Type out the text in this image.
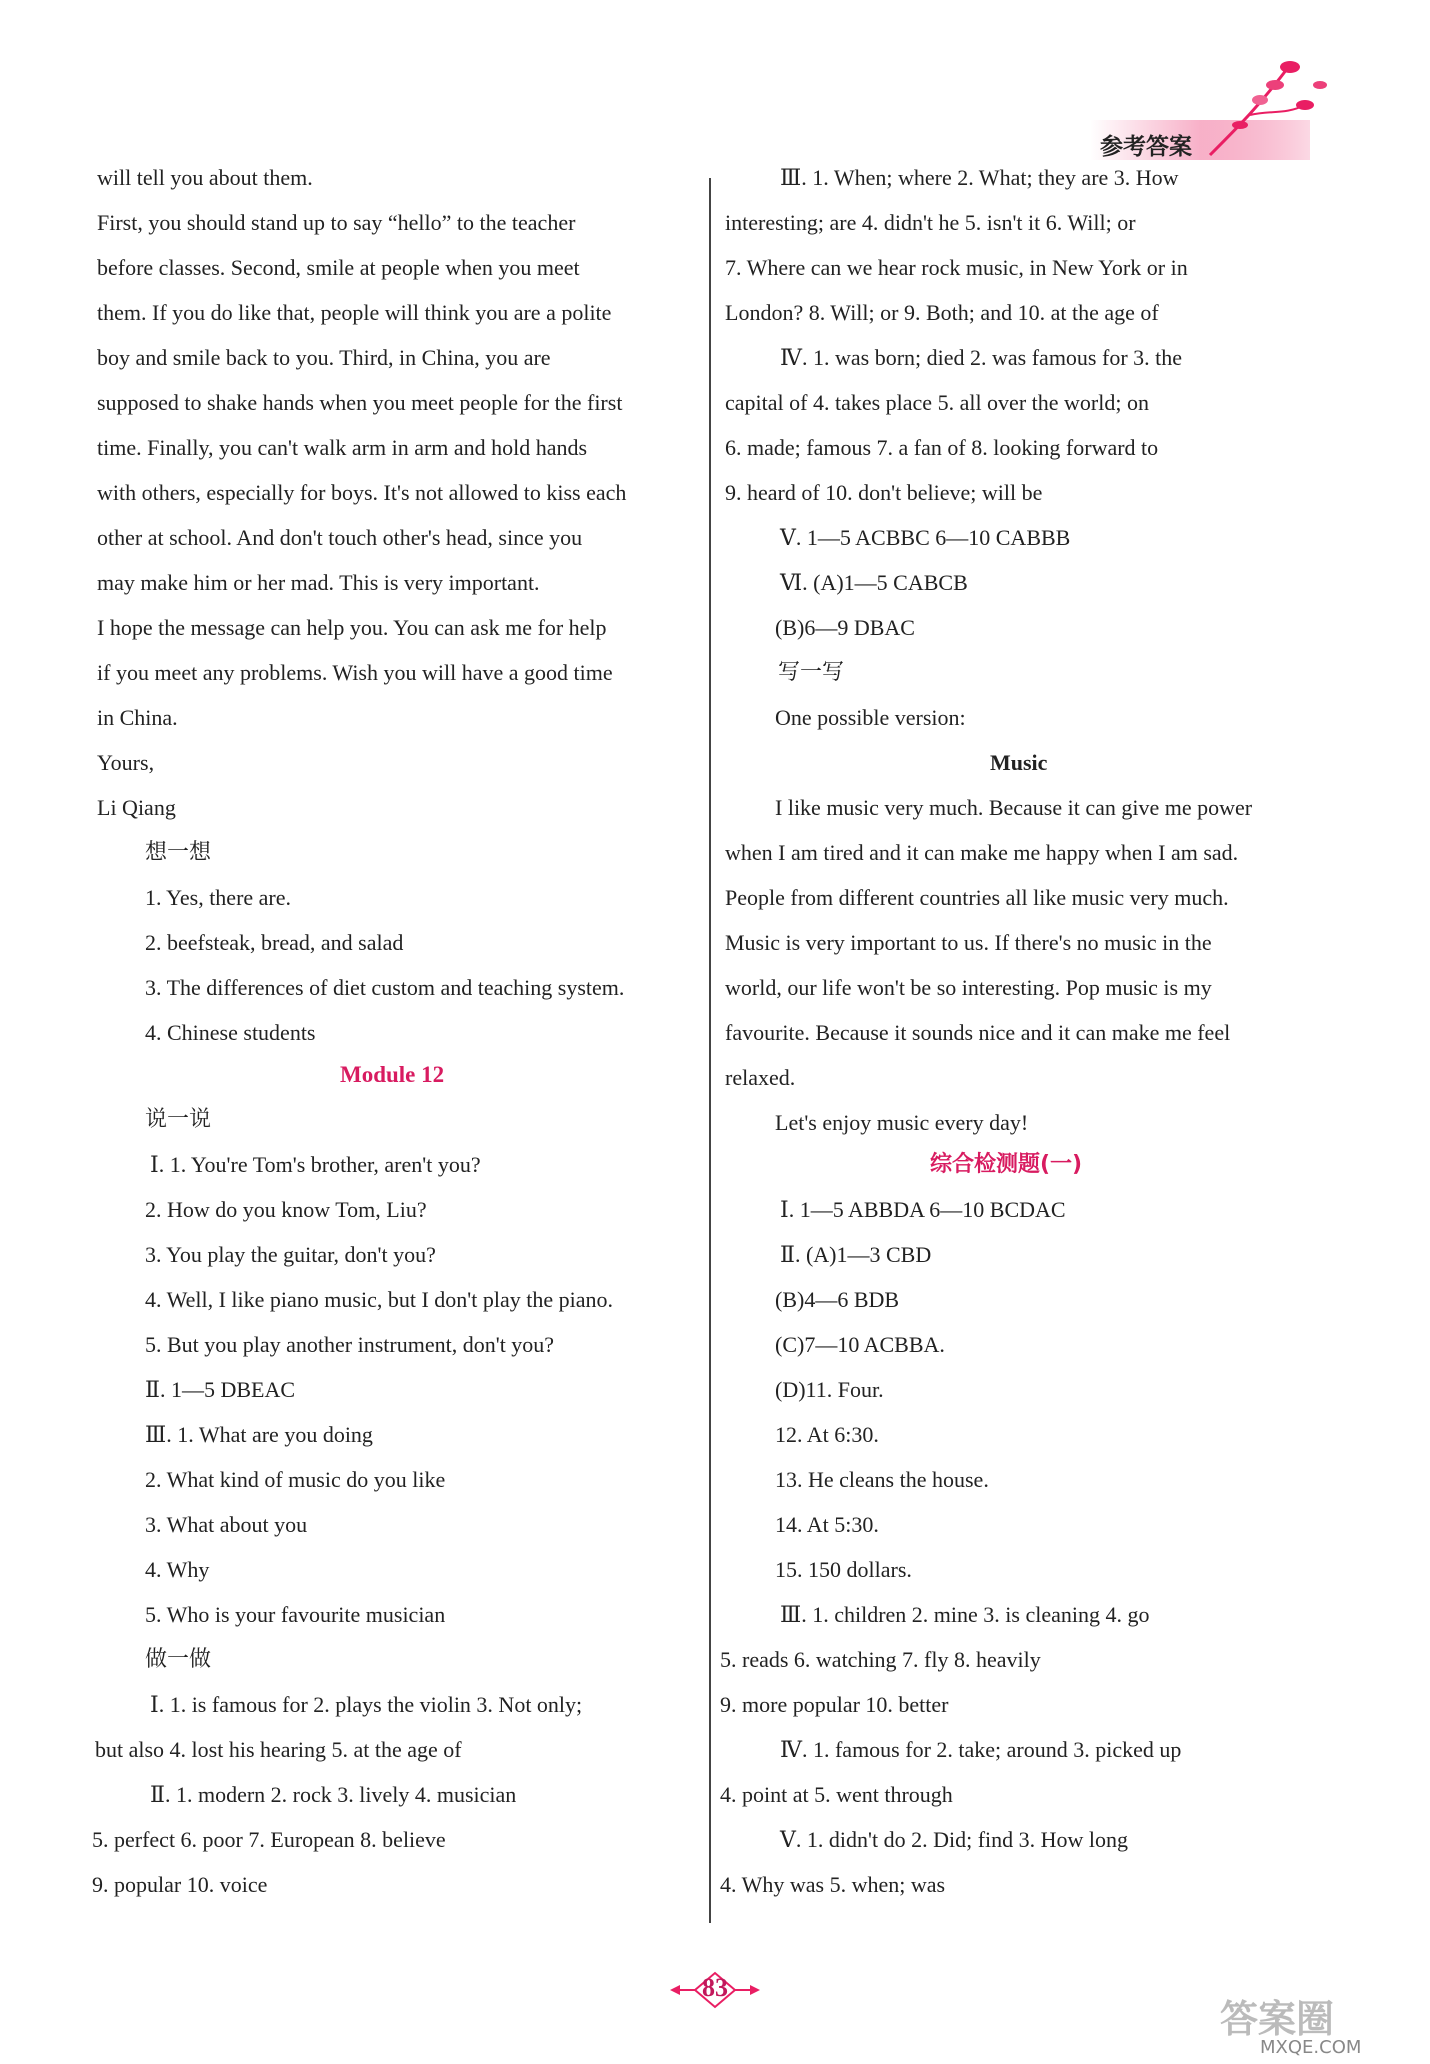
参考答案
will tell you about them.
First, you should stand up to say “hello” to the teacher
before classes. Second, smile at people when you meet
them. If you do like that, people will think you are a polite
boy and smile back to you. Third, in China, you are
supposed to shake hands when you meet people for the first
time. Finally, you can't walk arm in arm and hold hands
with others, especially for boys. It's not allowed to kiss each
other at school. And don't touch other's head, since you
may make him or her mad. This is very important.
I hope the message can help you. You can ask me for help
if you meet any problems. Wish you will have a good time
in China.
Yours,
Li Qiang
想一想
1. Yes, there are.
2. beefsteak, bread, and salad
3. The differences of diet custom and teaching system.
4. Chinese students
Module 12
说一说
Ⅰ. 1. You're Tom's brother, aren't you?
2. How do you know Tom, Liu?
3. You play the guitar, don't you?
4. Well, I like piano music, but I don't play the piano.
5. But you play another instrument, don't you?
Ⅱ. 1—5 DBEAC
Ⅲ. 1. What are you doing
2. What kind of music do you like
3. What about you
4. Why
5. Who is your favourite musician
做一做
Ⅰ. 1. is famous for 2. plays the violin 3. Not only;
but also 4. lost his hearing 5. at the age of
Ⅱ. 1. modern 2. rock 3. lively 4. musician
5. perfect 6. poor 7. European 8. believe
9. popular 10. voice
Ⅲ. 1. When; where 2. What; they are 3. How
interesting; are 4. didn't he 5. isn't it 6. Will; or
7. Where can we hear rock music, in New York or in
London? 8. Will; or 9. Both; and 10. at the age of
Ⅳ. 1. was born; died 2. was famous for 3. the
capital of 4. takes place 5. all over the world; on
6. made; famous 7. a fan of 8. looking forward to
9. heard of 10. don't believe; will be
Ⅴ. 1—5 ACBBC 6—10 CABBB
Ⅵ. (A)1—5 CABCB
(B)6—9 DBAC
写一写
One possible version:
Music
I like music very much. Because it can give me power
when I am tired and it can make me happy when I am sad.
People from different countries all like music very much.
Music is very important to us. If there's no music in the
world, our life won't be so interesting. Pop music is my
favourite. Because it sounds nice and it can make me feel
relaxed.
Let's enjoy music every day!
综合检测题(一)
Ⅰ. 1—5 ABBDA 6—10 BCDAC
Ⅱ. (A)1—3 CBD
(B)4—6 BDB
(C)7—10 ACBBA.
(D)11. Four.
12. At 6:30.
13. He cleans the house.
14. At 5:30.
15. 150 dollars.
Ⅲ. 1. children 2. mine 3. is cleaning 4. go
5. reads 6. watching 7. fly 8. heavily
9. more popular 10. better
Ⅳ. 1. famous for 2. take; around 3. picked up
4. point at 5. went through
Ⅴ. 1. didn't do 2. Did; find 3. How long
4. Why was 5. when; was
83
答案圈
MXQE.COM
